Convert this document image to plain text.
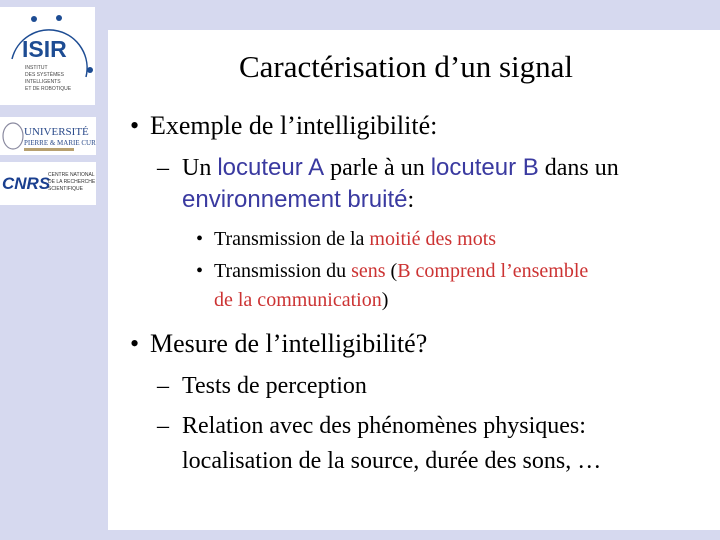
ISIR
INSTITUT
DES SYSTÈMES
INTELLIGENTS
ET DE ROBOTIQUE
UNIVERSITÉ
PIERRE & MARIE CURIE
CNRS
CENTRE NATIONAL
DE LA RECHERCHE
SCIENTIFIQUE
Caractérisation d’un signal
• Exemple de l’intelligibilité:
– Un locuteur A parle à un locuteur B dans un
environnement bruité:
• Transmission de la moitié des mots
• Transmission du sens (B comprend l’ensemble
de la communication)
• Mesure de l’intelligibilité?
– Tests de perception
– Relation avec des phénomènes physiques:
localisation de la source, durée des sons, …
